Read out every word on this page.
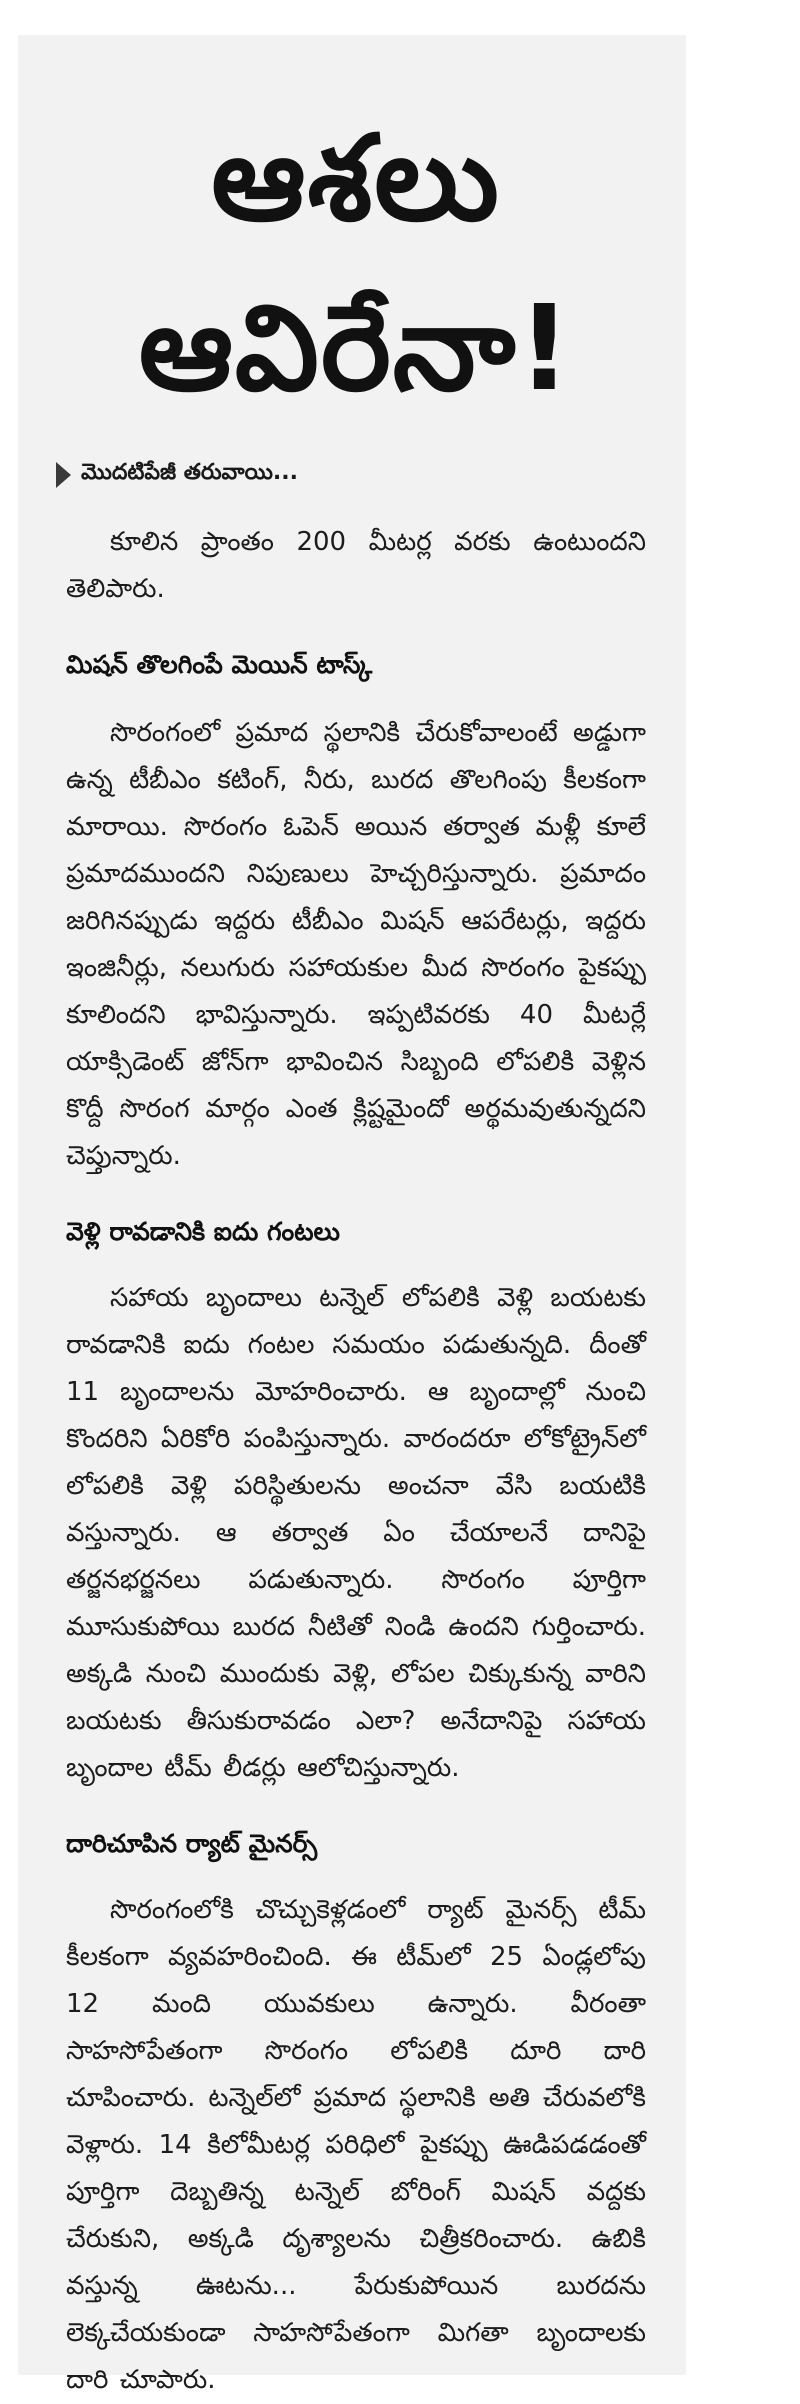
ఆశలు
ఆవిరేనా!
మొదటిపేజీ తరువాయి...

కూలిన ప్రాంతం 200 మీటర్ల వరకు ఉంటుందని తెలిపారు.

మిషన్ తొలగింపే మెయిన్ టాస్క్

సొరంగంలో ప్రమాద స్థలానికి చేరుకోవాలంటే అడ్డుగా ఉన్న టీబీఎం కటింగ్, నీరు, బురద తొలగింపు కీలకంగా మారాయి. సొరంగం ఓపెన్ అయిన తర్వాత మళ్లీ కూలే ప్రమాదముందని నిపుణులు హెచ్చరిస్తున్నారు. ప్రమాదం జరిగినప్పుడు ఇద్దరు టీబీఎం మిషన్ ఆపరేటర్లు, ఇద్దరు ఇంజినీర్లు, నలుగురు సహాయకుల మీద సొరంగం పైకప్పు కూలిందని భావిస్తున్నారు. ఇప్పటివరకు 40 మీటర్లే యాక్సిడెంట్ జోన్‌గా భావించిన సిబ్బంది లోపలికి వెళ్లిన కొద్దీ సొరంగ మార్గం ఎంత క్లిష్టమైందో అర్థమవుతున్నదని చెప్తున్నారు.

వెళ్లి రావడానికి ఐదు గంటలు

సహాయ బృందాలు టన్నెల్ లోపలికి వెళ్లి బయటకు రావడానికి ఐదు గంటల సమయం పడుతున్నది. దీంతో 11 బృందాలను మోహరించారు. ఆ బృందాల్లో నుంచి కొందరిని ఏరికోరి పంపిస్తున్నారు. వారందరూ లోకోట్రైన్‌లో లోపలికి వెళ్లి పరిస్థితులను అంచనా వేసి బయటికి వస్తున్నారు. ఆ తర్వాత ఏం చేయాలనే దానిపై తర్జనభర్జనలు పడుతున్నారు. సొరంగం పూర్తిగా మూసుకుపోయి బురద నీటితో నిండి ఉందని గుర్తించారు. అక్కడి నుంచి ముందుకు వెళ్లి, లోపల చిక్కుకున్న వారిని బయటకు తీసుకురావడం ఎలా? అనేదానిపై సహాయ బృందాల టీమ్ లీడర్లు ఆలోచిస్తున్నారు.

దారిచూపిన ర్యాట్ మైనర్స్

సొరంగంలోకి చొచ్చుకెళ్లడంలో ర్యాట్ మైనర్స్ టీమ్ కీలకంగా వ్యవహరించింది. ఈ టీమ్‌లో 25 ఏండ్లలోపు 12 మంది యువకులు ఉన్నారు. వీరంతా సాహసోపేతంగా సొరంగం లోపలికి దూరి దారి చూపించారు. టన్నెల్‌లో ప్రమాద స్థలానికి అతి చేరువలోకి వెళ్లారు. 14 కిలోమీటర్ల పరిధిలో పైకప్పు ఊడిపడడంతో పూర్తిగా దెబ్బతిన్న టన్నెల్ బోరింగ్ మిషన్ వద్దకు చేరుకుని, అక్కడి దృశ్యాలను చిత్రీకరించారు. ఉబికి వస్తున్న ఊటను... పేరుకుపోయిన బురదను లెక్కచేయకుండా సాహసోపేతంగా మిగతా బృందాలకు దారి చూపారు.
